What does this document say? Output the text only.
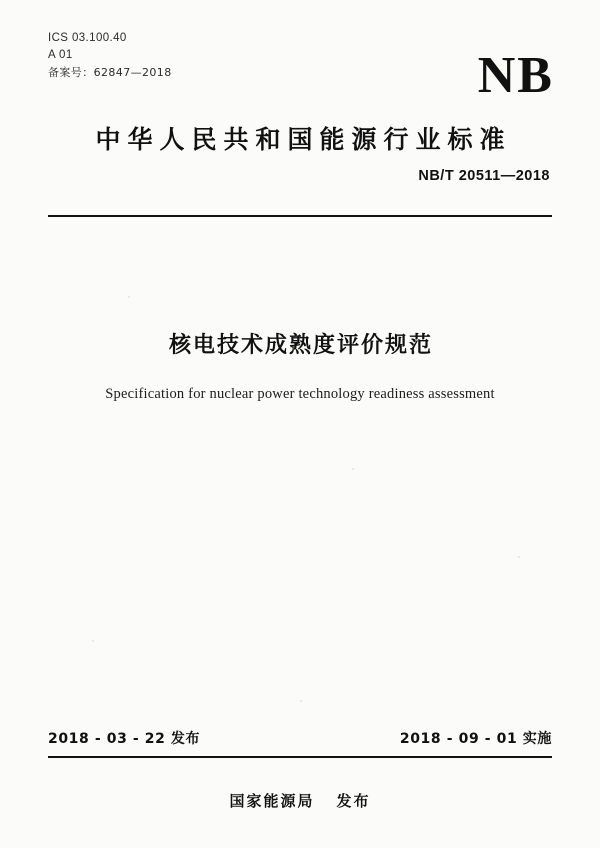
ICS 03.100.40
A 01
备案号：62847—2018	NB
中华人民共和国能源行业标准
NB/T 20511—2018
核电技术成熟度评价规范
Specification for nuclear power technology readiness assessment
2018 - 03 - 22 发布	2018 - 09 - 01 实施
国家能源局 发布
